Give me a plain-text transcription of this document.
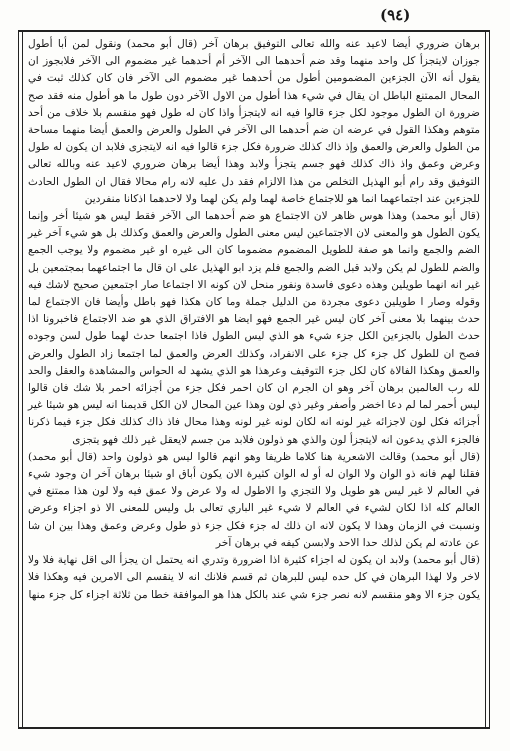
(٩٤)

برهان ضروري أيضا لاعيد عنه والله تعالى التوفيق برهان آخر (قال أبو محمد) ونقول لمن أبا أطول جوزان لايتجزأ كل واحد منهما وقد ضم أحدهما الى الآخر أم أحدهما غير مضموم الى الآخر فلابجوز ان يقول أنه الآن الجزءين المضمومين أطول من أحدهما غير مضموم الى الآخر فان كان كذلك ثبت في المحال الممتنع الباطل ان يقال في شيء هذا أطول من الاول الآخر دون طول ما هو أطول منه فقد صح ضرورة ان الطول موجود لكل جزء قالوا فيه انه لايتجزأ واذا كان له طول فهو منقسم بلا خلاف من أحد متوهم وهكذا القول في عرضه ان ضم أحدهما الى الآخر في الطول والعرض والعمق أيضا منهما مساحة من الطول والعرض والعمق وإذ ذاك كذلك ضرورة فكل جزء قالوا فيه انه لايتجزى فلابد ان يكون له طول وعرض وعمق واذ ذاك كذلك فهو جسم يتجزأ ولابد وهذا أيضا برهان ضروري لاعيد عنه وبالله تعالى التوفيق وقد رام أبو الهذيل التخلص من هذا الالزام فقد دل عليه لانه رام محالا فقال ان الطول الحادث للجزءين عند اجتماعهما انما هو للاجتماع خاصة لهما ولم يكن لهما ولا لاحدهما اذكانا منفردين

(قال أبو محمد) وهذا هوس ظاهر لان الاجتماع هو ضم أحدهما الى الآخر فقط ليس هو شيئا أخر وإنما يكون الطول هو والمعنى لان الاجتماعين ليس معنى الطول والعرض والعمق وكذلك بل هو شيء آخر غير الضم والجمع وانما هو صفة للطويل المضموم مضموما كان الى غيره او غير مضموم ولا يوجب الجمع والضم للطول لم يكن ولابد قبل الضم والجمع فلم يزد ابو الهذيل على ان قال ما اجتماعهما بمجتمعين بل غير انه انهما طويلين وهذه دعوى فاسدة ونفور منحل لان كونه الا اجتماعا صار اجتمعين صحيح لاشك فيه وقوله وصار ا طويلين دعوى مجردة من الدليل جملة وما كان هكذا فهو باطل وأيضا فان الاجتماع لما حدث بينهما بلا معنى آخر كان ليس غير الجمع فهو ايضا هو الافتراق الذي هو ضد الاجتماع فاخبرونا اذا حدث الطول بالجزءين الكل جزء شيء هو الذي ليس الطول فاذا اجتمعا حدث لهما طول لسن وجوده فصح ان للطول كل جزء كل جزء على الانفراد، وكذلك العرض والعمق لما اجتمعا زاد الطول والعرض والعمق وهكذا الفالاة كان لكل جزء التوقيف وعرهذا هو الذي يشهد له الحواس والمشاهدة والعقل والحد لله رب العالمين برهان آخر وهو ان الجرم ان كان احمر فكل جزء من أجزائه احمر بلا شك فان قالوا ليس أحمر لما لم دعا اخضر وأصفر وغير ذي لون وهذا عين المحال لان الكل قديمنا انه ليس هو شيئا غير أجزائه فكل لون لاجزائه غير لونه انه لكان لونه غير لونه وهذا محال فاذ ذاك كذلك فكل جزء فيما ذكرنا فالجزء الذي يدعون انه لايتجزأ لون والذي هو ذولون فلابد من جسم لايعقل غير ذلك فهو يتجزى

(قال أبو محمد) وقالت الاشعرية هنا كلاما ظريفا وهو انهم قالوا ليس هو ذولون واحد (قال أبو محمد) فقلنا لهم فانه ذو الوان ولا الوان له أو له الوان كثيرة الان يكون أباق او شيئا برهان آخر ان وجود شيء في العالم لا غير ليس هو طويل ولا التجزي وا الاطول له ولا عرض ولا عمق فيه ولا لون هذا ممتنع في العالم كله اذا لكان لشيء في العالم لا شيء غير الباري تعالى بل وليس للمعنى الا ذو اجزاء وعرض ونسبت في الزمان وهذا لا يكون لانه ان ذلك له جزء فكل جزء ذو طول وعرض وعمق وهذا بين ان شا عن عادته لم يكن لذلك حدا الاحد ولابسن كيفه في برهان آخر

(قال أبو محمد) ولابد ان يكون له اجزاء كثيرة اذا اضرورة وتدري انه يحتمل ان يجزأ الى اقل نهاية فلا ولا لاخر ولا لهذا البرهان في كل حده ليس للبرهان ثم قسم فلانك انه لا ينقسم الى الامرين فيه وهكذا فلا يكون جزء الا وهو منقسم لانه نصر جزء شي عند بالكل هذا هو الموافقة خطا من ثلاثة اجزاء كل جزء منها
